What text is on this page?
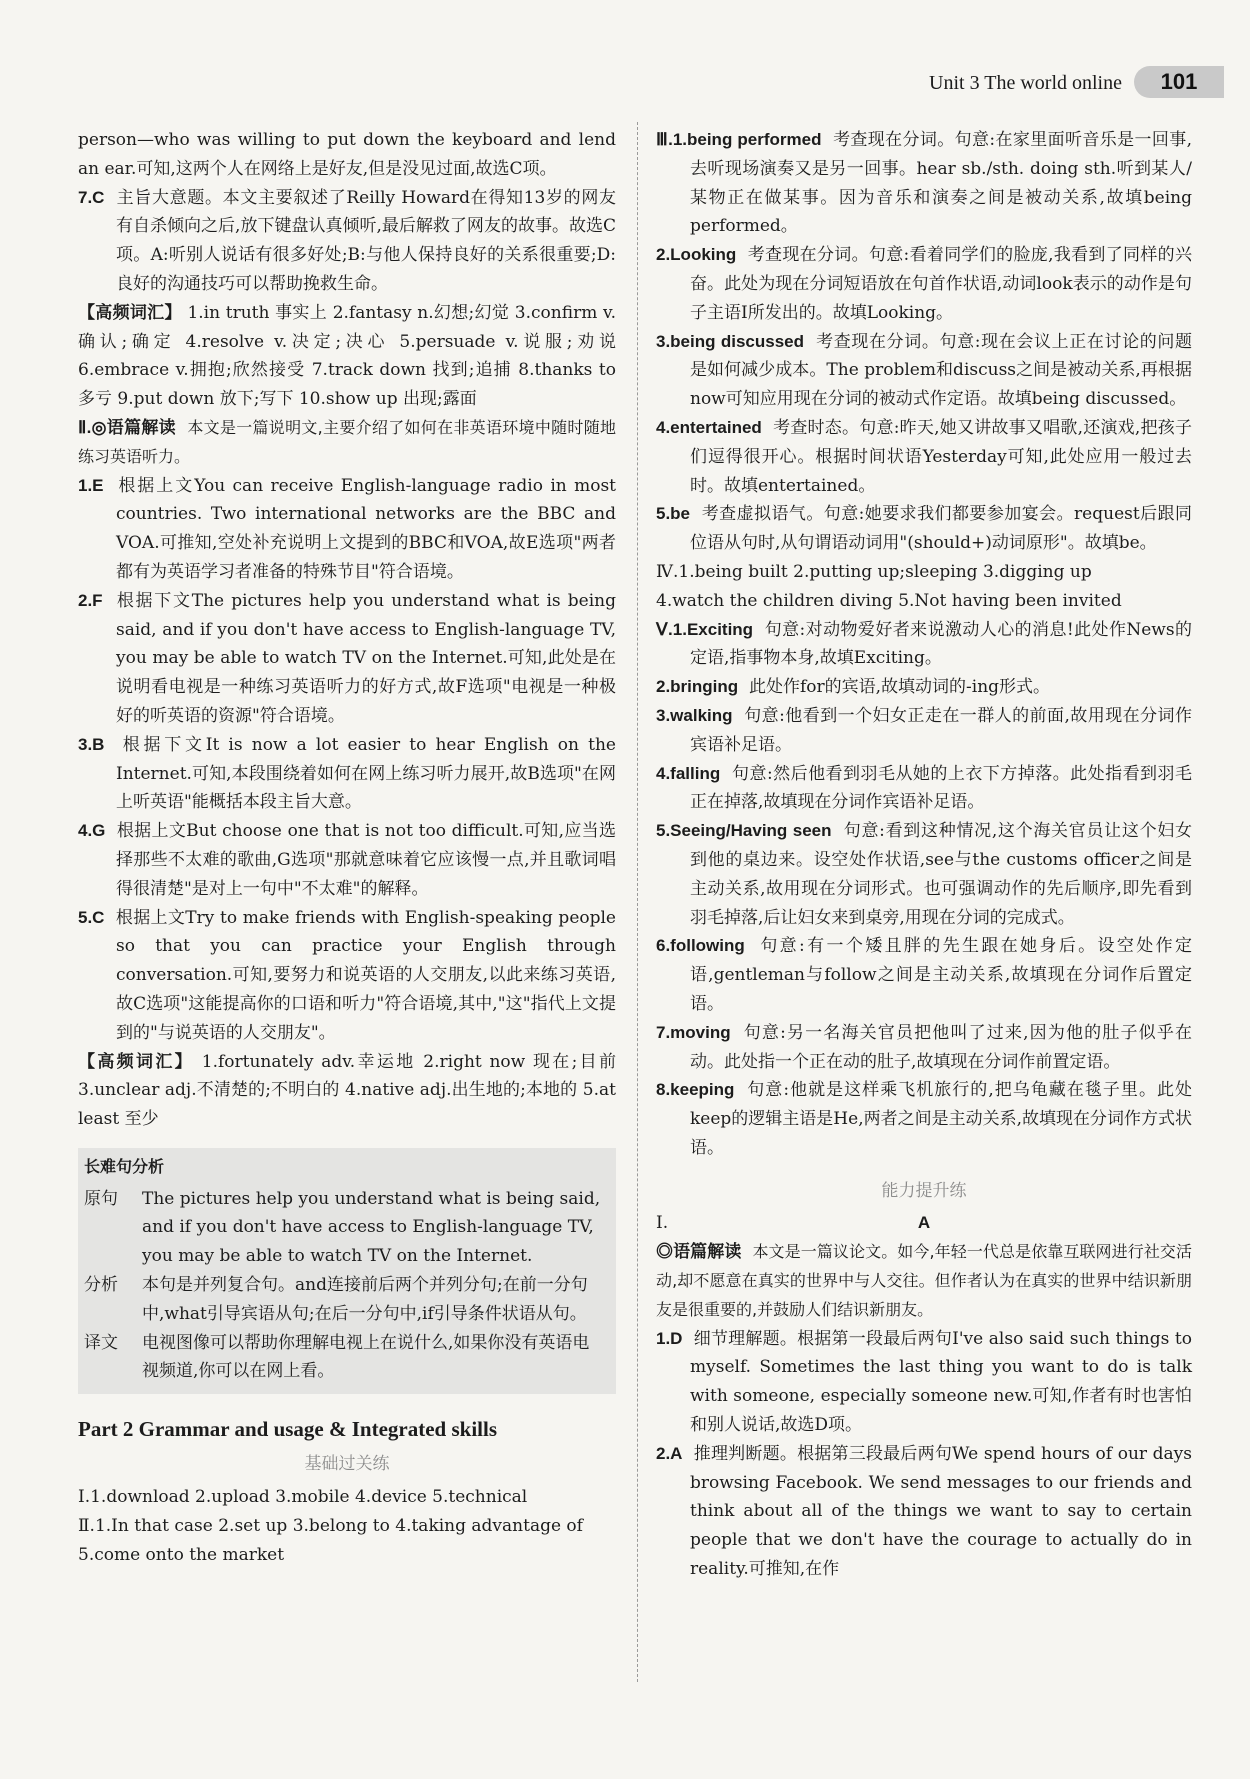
Unit 3 The world online	101

person—who was willing to put down the keyboard and lend an ear.可知,这两个人在网络上是好友,但是没见过面,故选C项。

7.C 主旨大意题。本文主要叙述了Reilly Howard在得知13岁的网友有自杀倾向之后,放下键盘认真倾听,最后解救了网友的故事。故选C项。A:听别人说话有很多好处;B:与他人保持良好的关系很重要;D:良好的沟通技巧可以帮助挽救生命。

【高频词汇】 1.in truth 事实上 2.fantasy n.幻想;幻觉 3.confirm v.确认;确定 4.resolve v.决定;决心 5.persuade v.说服;劝说 6.embrace v.拥抱;欣然接受 7.track down 找到;追捕 8.thanks to 多亏 9.put down 放下;写下 10.show up 出现;露面

Ⅱ.◎语篇解读 本文是一篇说明文,主要介绍了如何在非英语环境中随时随地练习英语听力。

1.E 根据上文You can receive English-language radio in most countries. Two international networks are the BBC and VOA.可推知,空处补充说明上文提到的BBC和VOA,故E选项"两者都有为英语学习者准备的特殊节目"符合语境。

2.F 根据下文The pictures help you understand what is being said, and if you don't have access to English-language TV, you may be able to watch TV on the Internet.可知,此处是在说明看电视是一种练习英语听力的好方式,故F选项"电视是一种极好的听英语的资源"符合语境。

3.B 根据下文It is now a lot easier to hear English on the Internet.可知,本段围绕着如何在网上练习听力展开,故B选项"在网上听英语"能概括本段主旨大意。

4.G 根据上文But choose one that is not too difficult.可知,应当选择那些不太难的歌曲,G选项"那就意味着它应该慢一点,并且歌词唱得很清楚"是对上一句中"不太难"的解释。

5.C 根据上文Try to make friends with English-speaking people so that you can practice your English through conversation.可知,要努力和说英语的人交朋友,以此来练习英语,故C选项"这能提高你的口语和听力"符合语境,其中,"这"指代上文提到的"与说英语的人交朋友"。

【高频词汇】 1.fortunately adv.幸运地 2.right now 现在;目前 3.unclear adj.不清楚的;不明白的 4.native adj.出生地的;本地的 5.at least 至少

长难句分析
原句	The pictures help you understand what is being said, and if you don't have access to English-language TV, you may be able to watch TV on the Internet.
分析	本句是并列复合句。and连接前后两个并列分句;在前一分句中,what引导宾语从句;在后一分句中,if引导条件状语从句。
译文	电视图像可以帮助你理解电视上在说什么,如果你没有英语电视频道,你可以在网上看。
Part 2 Grammar and usage & Integrated skills
基础过关练

Ⅰ.1.download 2.upload 3.mobile 4.device 5.technical

Ⅱ.1.In that case 2.set up 3.belong to 4.taking advantage of

5.come onto the market

Ⅲ.1.being performed 考查现在分词。句意:在家里面听音乐是一回事,去听现场演奏又是另一回事。hear sb./sth. doing sth.听到某人/某物正在做某事。因为音乐和演奏之间是被动关系,故填being performed。

2.Looking 考查现在分词。句意:看着同学们的脸庞,我看到了同样的兴奋。此处为现在分词短语放在句首作状语,动词look表示的动作是句子主语I所发出的。故填Looking。

3.being discussed 考查现在分词。句意:现在会议上正在讨论的问题是如何减少成本。The problem和discuss之间是被动关系,再根据now可知应用现在分词的被动式作定语。故填being discussed。

4.entertained 考查时态。句意:昨天,她又讲故事又唱歌,还演戏,把孩子们逗得很开心。根据时间状语Yesterday可知,此处应用一般过去时。故填entertained。

5.be 考查虚拟语气。句意:她要求我们都要参加宴会。request后跟同位语从句时,从句谓语动词用"(should+)动词原形"。故填be。

Ⅳ.1.being built 2.putting up;sleeping 3.digging up

4.watch the children diving 5.Not having been invited

Ⅴ.1.Exciting 句意:对动物爱好者来说激动人心的消息!此处作News的定语,指事物本身,故填Exciting。

2.bringing 此处作for的宾语,故填动词的-ing形式。

3.walking 句意:他看到一个妇女正走在一群人的前面,故用现在分词作宾语补足语。

4.falling 句意:然后他看到羽毛从她的上衣下方掉落。此处指看到羽毛正在掉落,故填现在分词作宾语补足语。

5.Seeing/Having seen 句意:看到这种情况,这个海关官员让这个妇女到他的桌边来。设空处作状语,see与the customs officer之间是主动关系,故用现在分词形式。也可强调动作的先后顺序,即先看到羽毛掉落,后让妇女来到桌旁,用现在分词的完成式。

6.following 句意:有一个矮且胖的先生跟在她身后。设空处作定语,gentleman与follow之间是主动关系,故填现在分词作后置定语。

7.moving 句意:另一名海关官员把他叫了过来,因为他的肚子似乎在动。此处指一个正在动的肚子,故填现在分词作前置定语。

8.keeping 句意:他就是这样乘飞机旅行的,把乌龟藏在毯子里。此处keep的逻辑主语是He,两者之间是主动关系,故填现在分词作方式状语。

能力提升练
Ⅰ.	A

◎语篇解读 本文是一篇议论文。如今,年轻一代总是依靠互联网进行社交活动,却不愿意在真实的世界中与人交往。但作者认为在真实的世界中结识新朋友是很重要的,并鼓励人们结识新朋友。

1.D 细节理解题。根据第一段最后两句I've also said such things to myself. Sometimes the last thing you want to do is talk with someone, especially someone new.可知,作者有时也害怕和别人说话,故选D项。

2.A 推理判断题。根据第三段最后两句We spend hours of our days browsing Facebook. We send messages to our friends and think about all of the things we want to say to certain people that we don't have the courage to actually do in reality.可推知,在作
